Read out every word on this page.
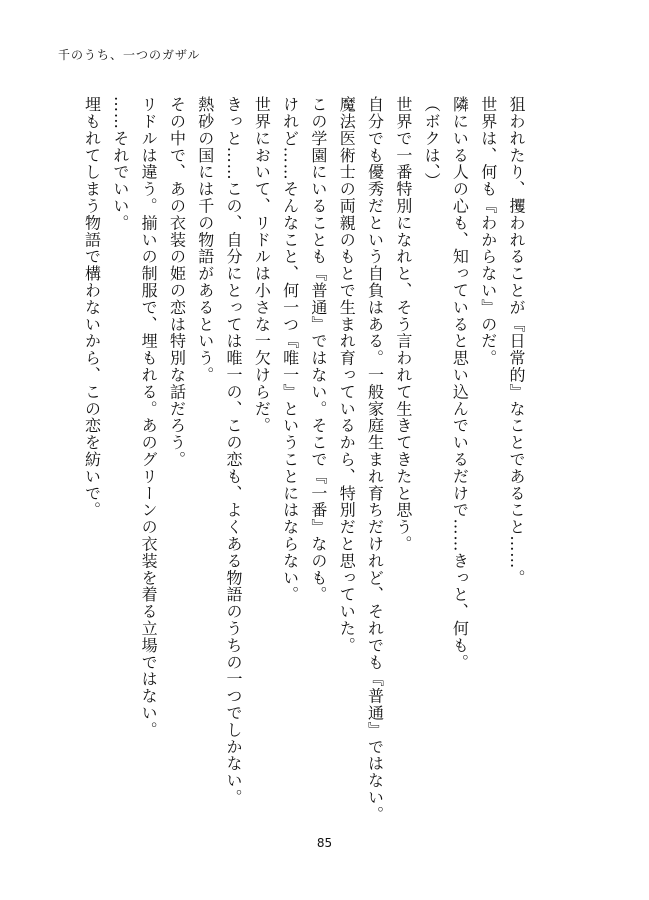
千のうち、一つのガザル

狙われたり、攫われることが『日常的』なことであること……。

世界は、何も『わからない』のだ。

隣にいる人の心も、知っていると思い込んでいるだけで……きっと、何も。

（ボクは、）

世界で一番特別になれと、そう言われて生きてきたと思う。

自分でも優秀だという自負はある。一般家庭生まれ育ちだけれど、それでも『普通』ではない。

魔法医術士の両親のもとで生まれ育っているから、特別だと思っていた。

この学園にいることも『普通』ではない。そこで『一番』なのも。

けれど……そんなこと、何一つ『唯一』ということにはならない。

世界において、リドルは小さな一欠けらだ。

きっと……この、自分にとっては唯一の、この恋も、よくある物語のうちの一つでしかない。

熱砂の国には千の物語があるという。

その中で、あの衣装の姫の恋は特別な話だろう。

リドルは違う。揃いの制服で、埋もれる。あのグリーンの衣装を着る立場ではない。

……それでいい。

埋もれてしまう物語で構わないから、この恋を紡いで。

85
